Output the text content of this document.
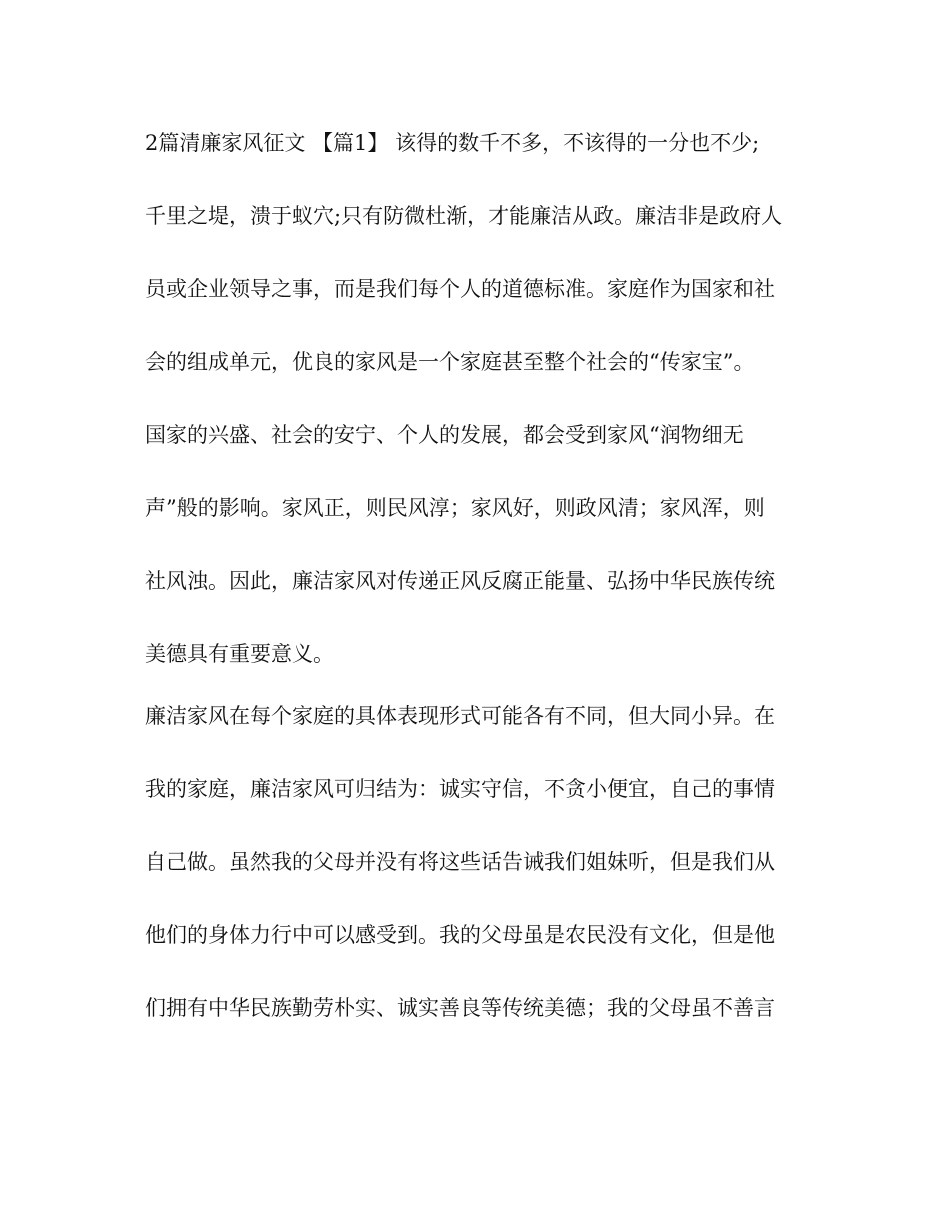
2篇清廉家风征文 【篇1】 该得的数千不多，不该得的一分也不少;
千里之堤，溃于蚁穴;只有防微杜渐，才能廉洁从政。廉洁非是政府人
员或企业领导之事，而是我们每个人的道德标准。家庭作为国家和社
会的组成单元，优良的家风是一个家庭甚至整个社会的“传家宝”。
国家的兴盛、社会的安宁、个人的发展，都会受到家风“润物细无
声”般的影响。家风正，则民风淳；家风好，则政风清；家风浑，则
社风浊。因此，廉洁家风对传递正风反腐正能量、弘扬中华民族传统
美德具有重要意义。

廉洁家风在每个家庭的具体表现形式可能各有不同，但大同小异。在
我的家庭，廉洁家风可归结为：诚实守信，不贪小便宜，自己的事情
自己做。虽然我的父母并没有将这些话告诫我们姐妹听，但是我们从
他们的身体力行中可以感受到。我的父母虽是农民没有文化，但是他
们拥有中华民族勤劳朴实、诚实善良等传统美德；我的父母虽不善言
